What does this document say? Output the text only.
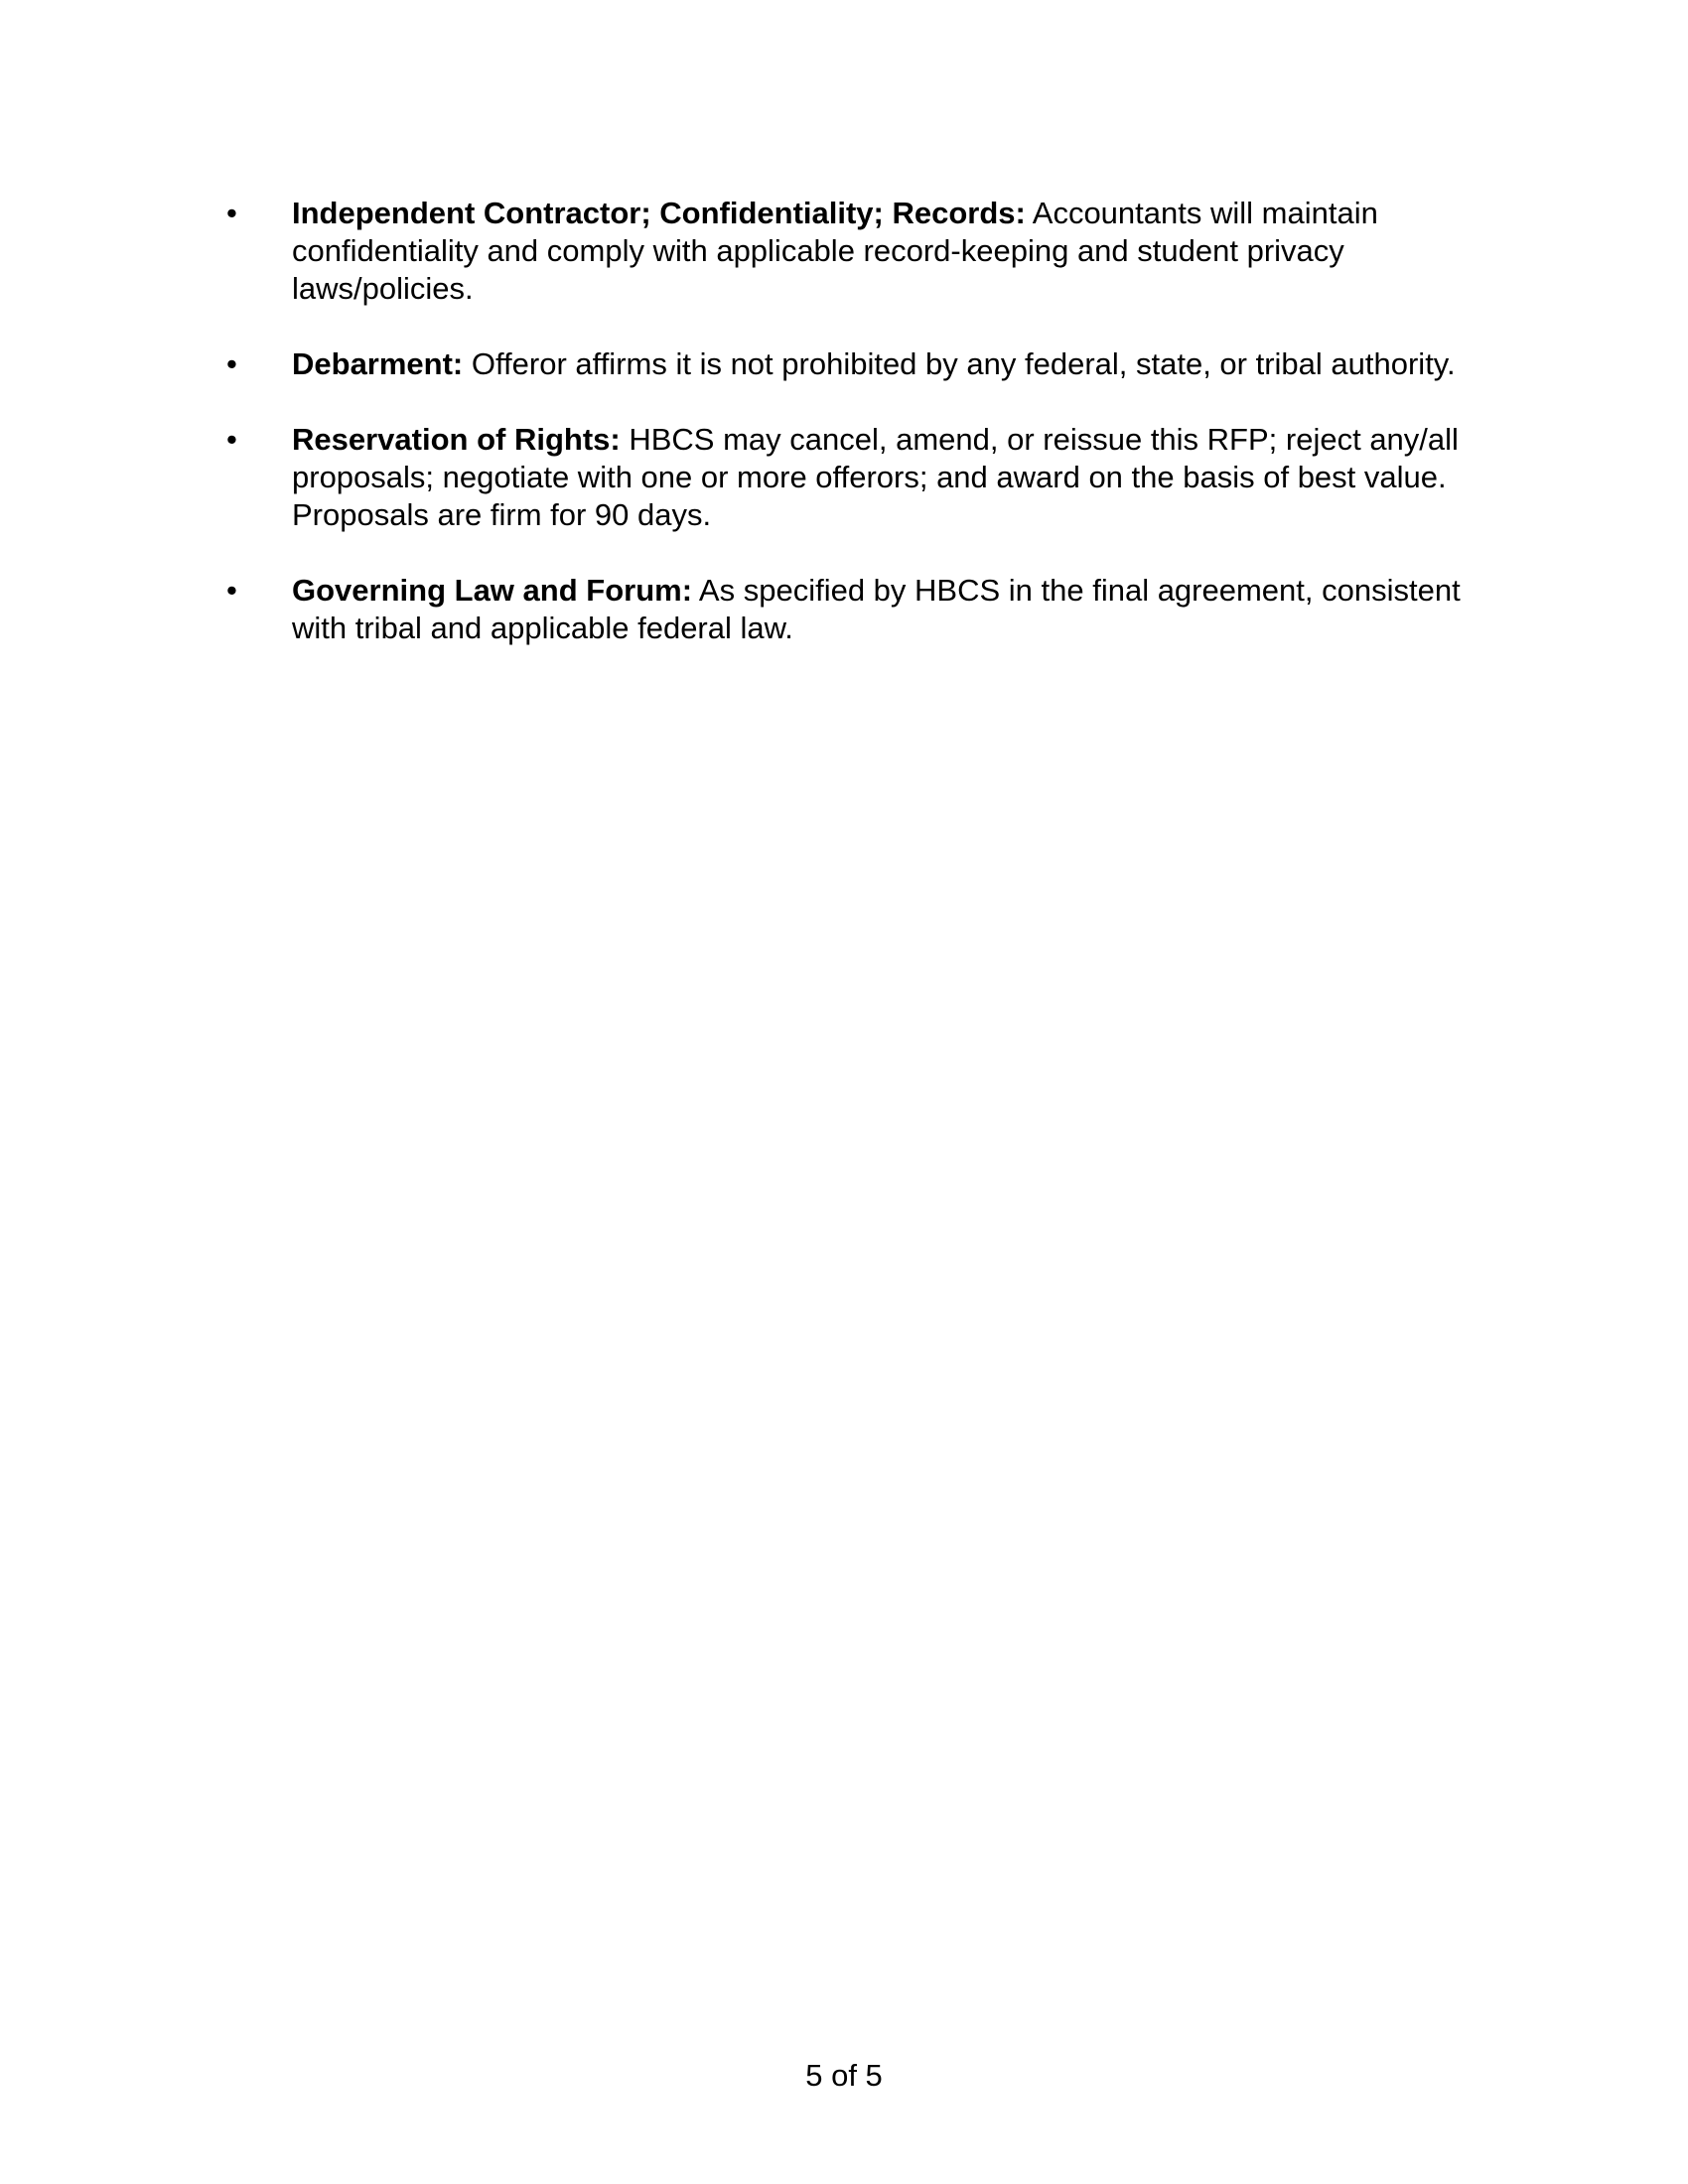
•	Independent Contractor; Confidentiality; Records: Accountants will maintain confidentiality and comply with applicable record-keeping and student privacy laws/policies.
•	Debarment: Offeror affirms it is not prohibited by any federal, state, or tribal authority.
•	Reservation of Rights: HBCS may cancel, amend, or reissue this RFP; reject any/all proposals; negotiate with one or more offerors; and award on the basis of best value. Proposals are firm for 90 days.
•	Governing Law and Forum: As specified by HBCS in the final agreement, consistent with tribal and applicable federal law.
5 of 5
